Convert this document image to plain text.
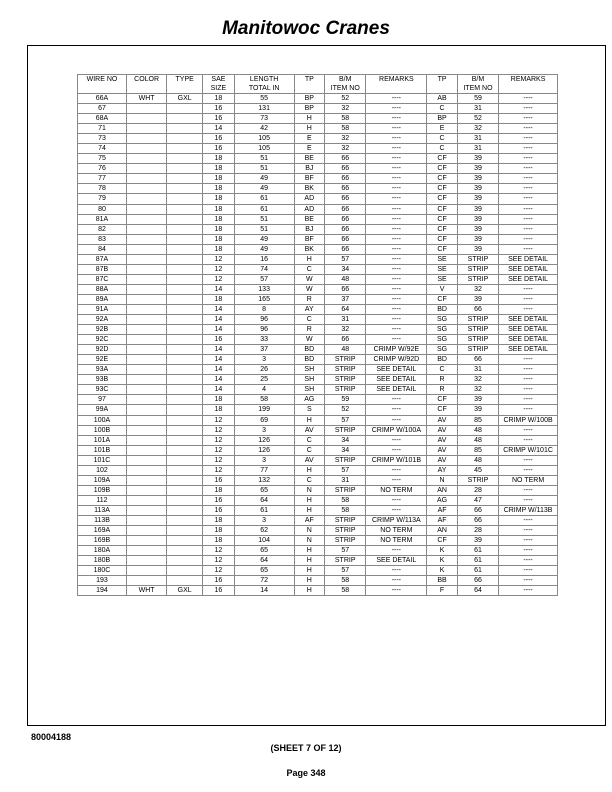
Manitowoc Cranes
WIRE NO	COLOR	TYPE	SAE	LENGTH	TP	B/M	REMARKS	TP	B/M	REMARKS
			SIZE	TOTAL IN		ITEM NO			ITEM NO	
66A	WHT	GXL	18	55	BP	52	----	AB	59	----
67			16	131	BP	32	----	C	31	----
68A			16	73	H	58	----	BP	52	----
71			14	42	H	58	----	E	32	----
73			16	105	E	32	----	C	31	----
74			16	105	E	32	----	C	31	----
75			18	51	BE	66	----	CF	39	----
76			18	51	BJ	66	----	CF	39	----
77			18	49	BF	66	----	CF	39	----
78			18	49	BK	66	----	CF	39	----
79			18	61	AD	66	----	CF	39	----
80			18	61	AD	66	----	CF	39	----
81A			18	51	BE	66	----	CF	39	----
82			18	51	BJ	66	----	CF	39	----
83			18	49	BF	66	----	CF	39	----
84			18	49	BK	66	----	CF	39	----
87A			12	16	H	57	----	SE	STRIP	SEE DETAIL
87B			12	74	C	34	----	SE	STRIP	SEE DETAIL
87C			12	57	W	48	----	SE	STRIP	SEE DETAIL
88A			14	133	W	66	----	V	32	----
89A			18	165	R	37	----	CF	39	----
91A			14	8	AY	64	----	BD	66	----
92A			14	96	C	31	----	SG	STRIP	SEE DETAIL
92B			14	96	R	32	----	SG	STRIP	SEE DETAIL
92C			16	33	W	66	----	SG	STRIP	SEE DETAIL
92D			14	37	BD	48	CRIMP W/92E	SG	STRIP	SEE DETAIL
92E			14	3	BD	STRIP	CRIMP W/92D	BD	66	----
93A			14	26	SH	STRIP	SEE DETAIL	C	31	----
93B			14	25	SH	STRIP	SEE DETAIL	R	32	----
93C			14	4	SH	STRIP	SEE DETAIL	R	32	----
97			18	58	AG	59	----	CF	39	----
99A			18	199	S	52	----	CF	39	----
100A			12	69	H	57	----	AV	85	CRIMP W/100B
100B			12	3	AV	STRIP	CRIMP W/100A	AV	48	----
101A			12	126	C	34	----	AV	48	----
101B			12	126	C	34	----	AV	85	CRIMP W/101C
101C			12	3	AV	STRIP	CRIMP W/101B	AV	48	----
102			12	77	H	57	----	AY	45	----
109A			16	132	C	31	----	N	STRIP	NO TERM
109B			18	65	N	STRIP	NO TERM	AN	28	----
112			16	64	H	58	----	AG	47	----
113A			16	61	H	58	----	AF	66	CRIMP W/113B
113B			18	3	AF	STRIP	CRIMP W/113A	AF	66	----
169A			18	62	N	STRIP	NO TERM	AN	28	----
169B			18	104	N	STRIP	NO TERM	CF	39	----
180A			12	65	H	57	----	K	61	----
180B			12	64	H	STRIP	SEE DETAIL	K	61	----
180C			12	65	H	57	----	K	61	----
193			16	72	H	58	----	BB	66	----
194	WHT	GXL	16	14	H	58	----	F	64	----
80004188
(SHEET 7 OF 12)
Page 348
